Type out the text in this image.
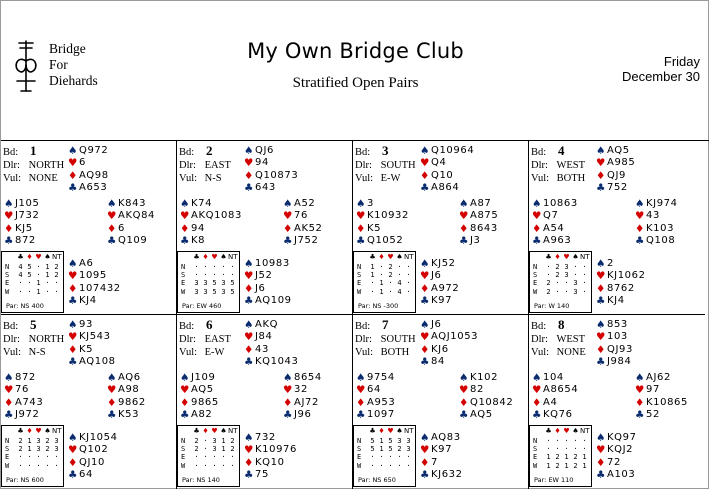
Bridge
For
Diehards
My Own Bridge Club
Stratified Open Pairs
Friday
December 30
Bd: 1
Dlr: NORTH
Vul: NONE
♠ Q972
♥ 6
♦ AQ98
♣ A653
♠ J105
♥ J732
♦ KJ5
♣ 872
♠ K843
♥ AKQ84
♦ 6
♣ Q109
♠ A6
♥ 1095
♦ 107432
♣ KJ4
♣ ♦ ♥ ♠ NT
N	4 5 · 1 2
S	4 5 · 1 2
E	· · 1 · ·
W	· · 1 · ·
Par: NS 400
Bd: 2
Dlr: EAST
Vul: N-S
♠ QJ6
♥ 94
♦ Q10873
♣ 643
♠ K74
♥ AKQ1083
♦ 94
♣ K8
♠ A52
♥ 76
♦ AK52
♣ J752
♠ 10983
♥ J52
♦ J6
♣ AQ109
♣ ♦ ♥ ♠ NT
N	· · · · ·
S	· · · · ·
E	3 3 5 3 5
W	3 3 5 3 5
Par: EW 460
Bd: 3
Dlr: SOUTH
Vul: E-W
♠ Q10964
♥ Q4
♦ Q10
♣ A864
♠ 3
♥ K10932
♦ K5
♣ Q1052
♠ A87
♥ A875
♦ 8643
♣ J3
♠ KJ52
♥ J6
♦ A972
♣ K97
♣ ♦ ♥ ♠ NT
N	1 · 2 · ·
S	1 · 2 · ·
E	· 1 · 4 ·
W	· 1 · 4 ·
Par: NS -300
Bd: 4
Dlr: WEST
Vul: BOTH
♠ AQ5
♥ A985
♦ QJ9
♣ 752
♠ 10863
♥ Q7
♦ A54
♣ A963
♠ KJ974
♥ 43
♦ K103
♣ Q108
♠ 2
♥ KJ1062
♦ 8762
♣ KJ4
♣ ♦ ♥ ♠ NT
N	· 2 3 · ·
S	· 2 3 · ·
E	2 · · 3 ·
W	2 · · 3 ·
Par: W 140
Bd: 5
Dlr: NORTH
Vul: N-S
♠ 93
♥ KJ543
♦ K5
♣ AQ108
♠ 872
♥ 76
♦ A743
♣ J972
♠ AQ6
♥ A98
♦ 9862
♣ K53
♠ KJ1054
♥ Q102
♦ QJ10
♣ 64
♣ ♦ ♥ ♠ NT
N	2 1 3 2 3
S	2 1 3 2 3
E	· · · · ·
W	· · · · ·
Par: NS 600
Bd: 6
Dlr: EAST
Vul: E-W
♠ AKQ
♥ J84
♦ 43
♣ KQ1043
♠ J109
♥ AQ5
♦ 9865
♣ A82
♠ 8654
♥ 32
♦ AJ72
♣ J96
♠ 732
♥ K10976
♦ KQ10
♣ 75
♣ ♦ ♥ ♠ NT
N	2 · 3 1 2
S	2 · 3 1 2
E	· · · · ·
W	· · · · ·
Par: NS 140
Bd: 7
Dlr: SOUTH
Vul: BOTH
♠ J6
♥ AQJ1053
♦ KJ6
♣ 84
♠ 9754
♥ 64
♦ A953
♣ 1097
♠ K102
♥ 82
♦ Q10842
♣ AQ5
♠ AQ83
♥ K97
♦ 7
♣ KJ632
♣ ♦ ♥ ♠ NT
N	5 1 5 3 3
S	5 1 5 2 3
E	· · · · ·
W	· · · · ·
Par: NS 650
Bd: 8
Dlr: WEST
Vul: NONE
♠ 853
♥ 103
♦ QJ93
♣ J984
♠ 104
♥ A8654
♦ A4
♣ KQ76
♠ AJ62
♥ 97
♦ K10865
♣ 52
♠ KQ97
♥ KQJ2
♦ 72
♣ A103
♣ ♦ ♥ ♠ NT
N	· · · · ·
S	· · · · ·
E	1 2 1 2 1
W	1 2 1 2 1
Par: EW 110
